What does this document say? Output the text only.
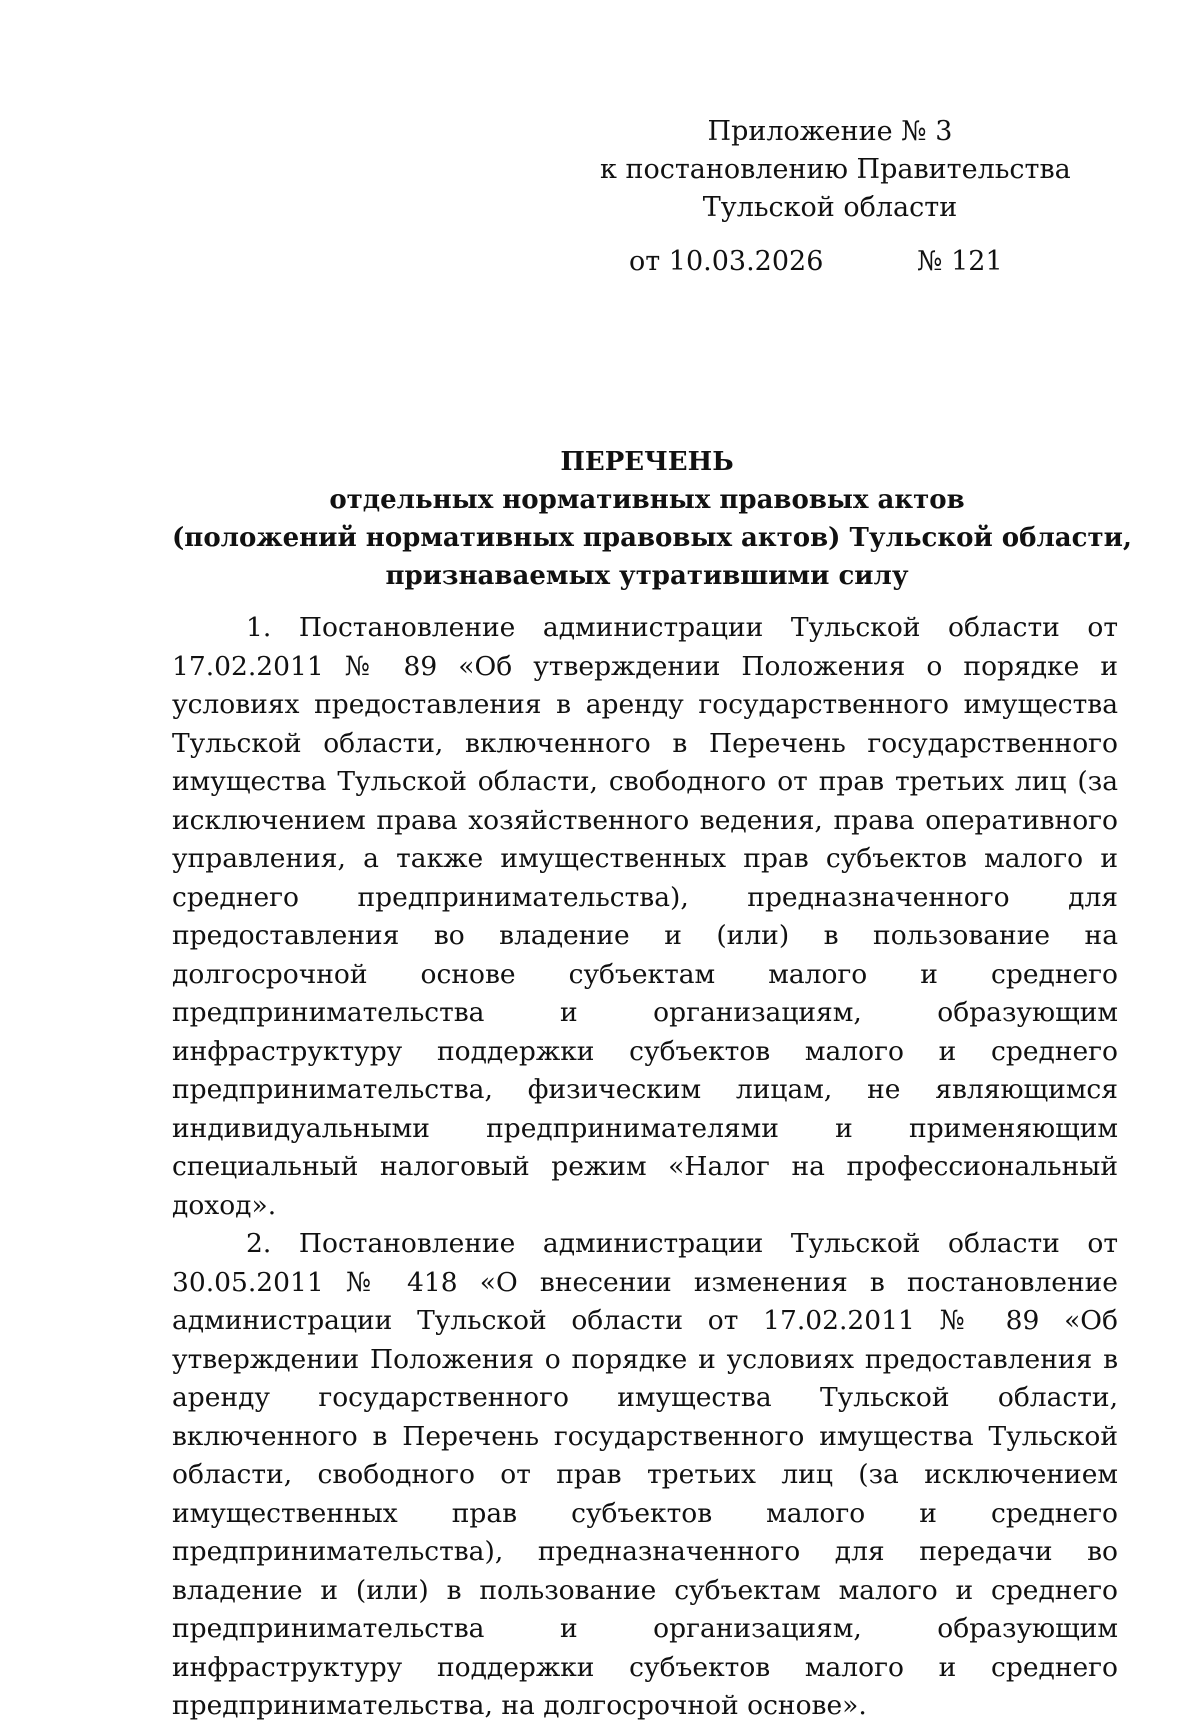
Приложение № 3
к постановлению Правительства
Тульской области
от 10.03.2026	№ 121
ПЕРЕЧЕНЬ
отдельных нормативных правовых актов
(положений нормативных правовых актов) Тульской области,
признаваемых утратившими силу

1. Постановление администрации Тульской области от 17.02.2011 № 89 «Об утверждении Положения о порядке и условиях предоставления в аренду государственного имущества Тульской области, включенного в Перечень государственного имущества Тульской области, свободного от прав третьих лиц (за исключением права хозяйственного ведения, права оперативного управления, а также имущественных прав субъектов малого и среднего предпринимательства), предназначенного для предоставления во владение и (или) в пользование на долгосрочной основе субъектам малого и среднего предпринимательства и организациям, образующим инфраструктуру поддержки субъектов малого и среднего предпринимательства, физическим лицам, не являющимся индивидуальными предпринимателями и применяющим специальный налоговый режим «Налог на профессиональный доход».

2. Постановление администрации Тульской области от 30.05.2011 № 418 «О внесении изменения в постановление администрации Тульской области от 17.02.2011 № 89 «Об утверждении Положения о порядке и условиях предоставления в аренду государственного имущества Тульской области, включенного в Перечень государственного имущества Тульской области, свободного от прав третьих лиц (за исключением имущественных прав субъектов малого и среднего предпринимательства), предназначенного для передачи во владение и (или) в пользование субъектам малого и среднего предпринимательства и организациям, образующим инфраструктуру поддержки субъектов малого и среднего предпринимательства, на долгосрочной основе».
